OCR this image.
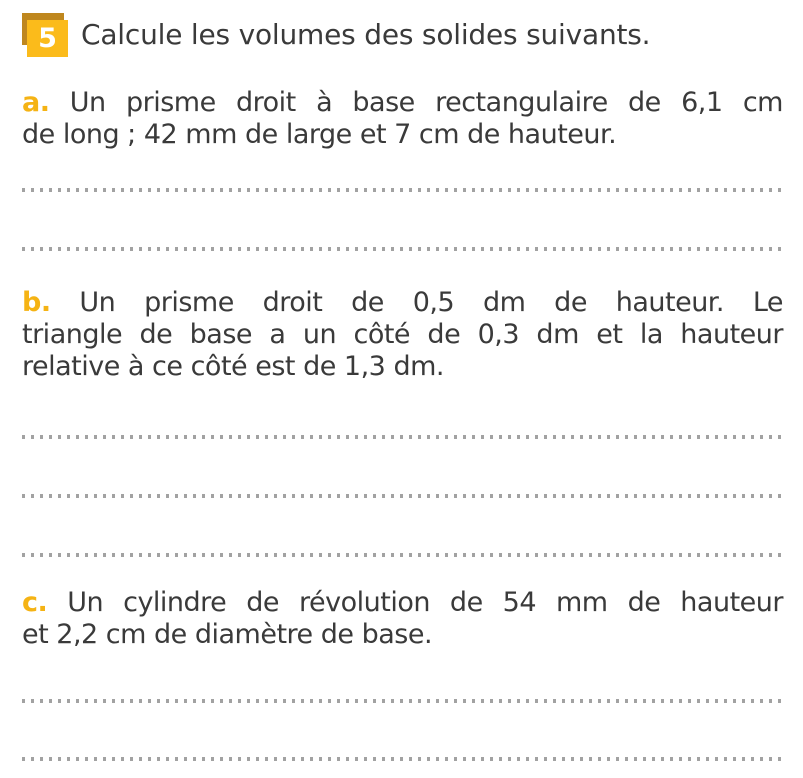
5 Calcule les volumes des solides suivants.
a. Un prisme droit à base rectangulaire de 6,1 cm
de long ; 42 mm de large et 7 cm de hauteur.
b. Un prisme droit de 0,5 dm de hauteur. Le
triangle de base a un côté de 0,3 dm et la hauteur
relative à ce côté est de 1,3 dm.
c. Un cylindre de révolution de 54 mm de hauteur
et 2,2 cm de diamètre de base.
